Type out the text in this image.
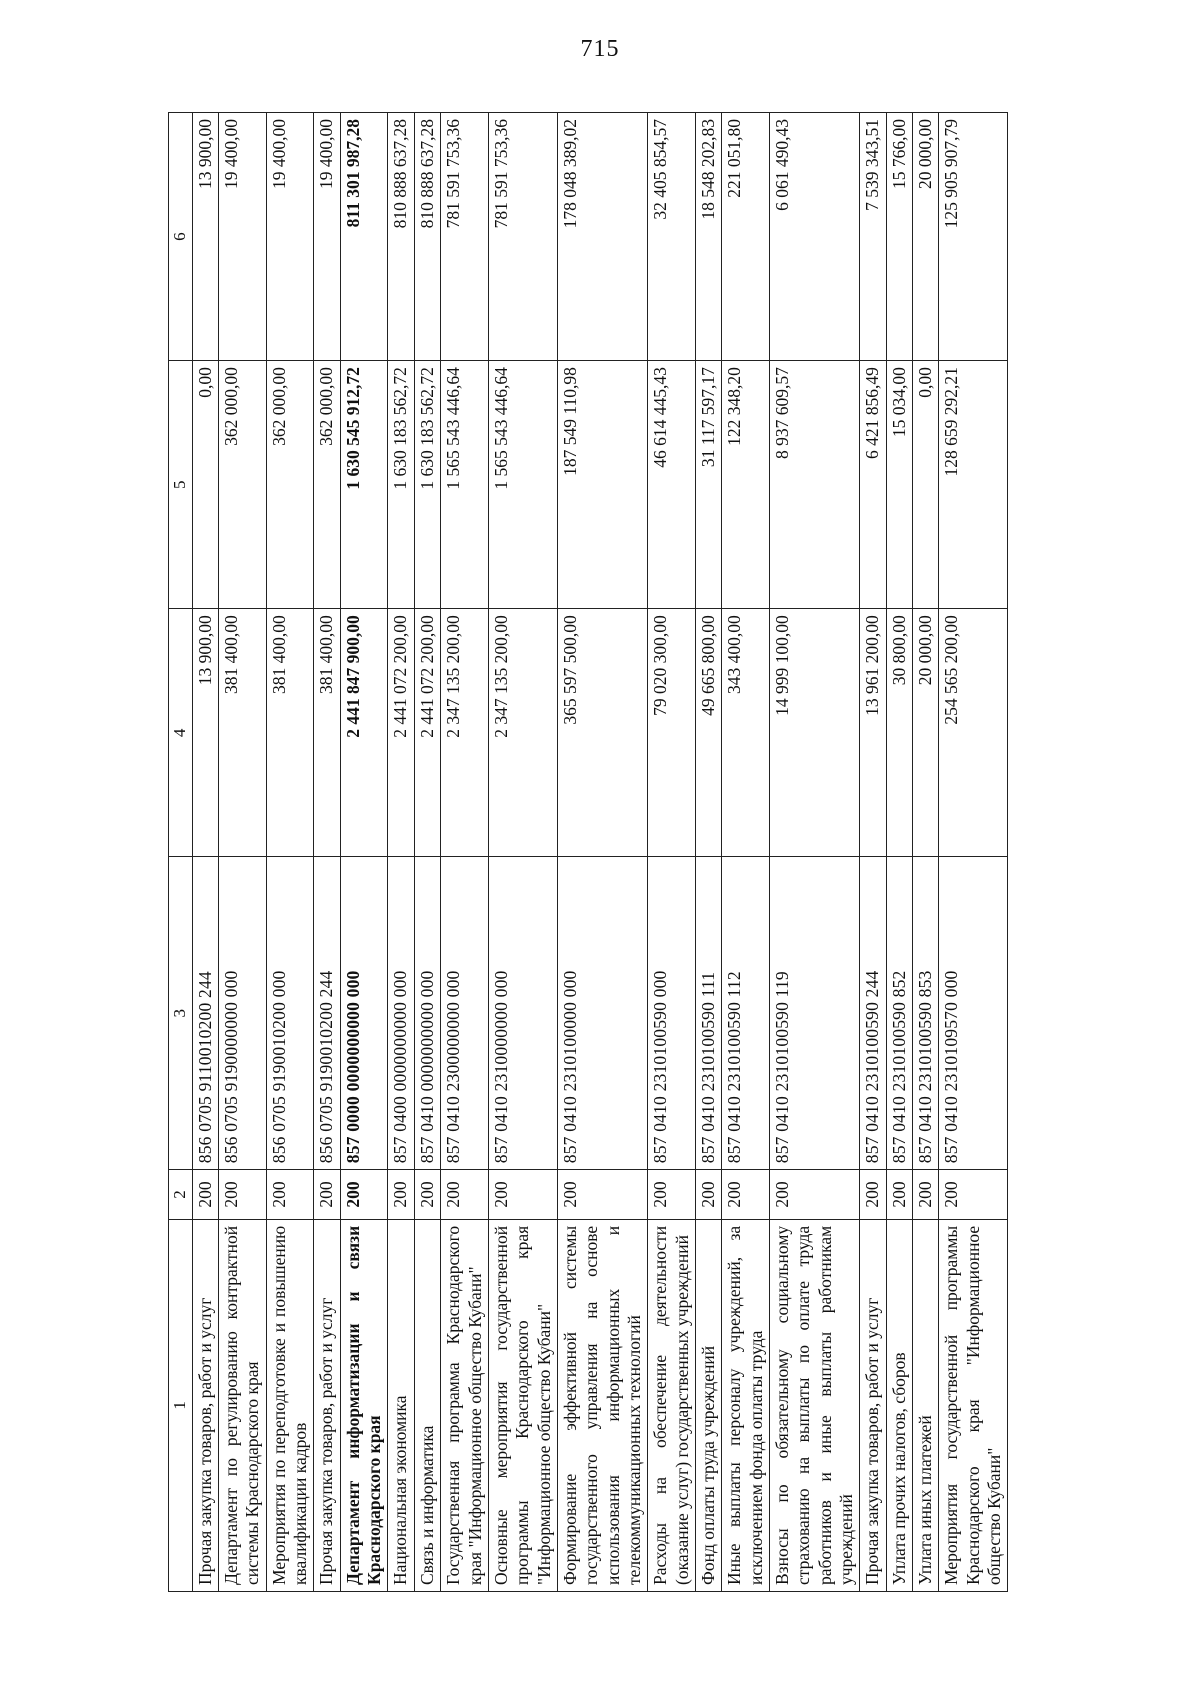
715
1	2	3	4	5	6
Прочая закупка товаров, работ и услуг	200	856 0705 9110010200 244	13 900,00	0,00	13 900,00
Департамент по регулированию контрактной системы Краснодарского края	200	856 0705 9190000000 000	381 400,00	362 000,00	19 400,00
Мероприятия по переподготовке и повышению квалификации кадров	200	856 0705 9190010200 000	381 400,00	362 000,00	19 400,00
Прочая закупка товаров, работ и услуг	200	856 0705 9190010200 244	381 400,00	362 000,00	19 400,00
Департамент информатизации и связи Краснодарского края	200	857 0000 0000000000 000	2 441 847 900,00	1 630 545 912,72	811 301 987,28
Национальная экономика	200	857 0400 0000000000 000	2 441 072 200,00	1 630 183 562,72	810 888 637,28
Связь и информатика	200	857 0410 0000000000 000	2 441 072 200,00	1 630 183 562,72	810 888 637,28
Государственная программа Краснодарского края "Информационное общество Кубани"	200	857 0410 2300000000 000	2 347 135 200,00	1 565 543 446,64	781 591 753,36
Основные мероприятия государственной программы Краснодарского края "Информационное общество Кубани"	200	857 0410 2310000000 000	2 347 135 200,00	1 565 543 446,64	781 591 753,36
Формирование эффективной системы государственного управления на основе использования информационных и телекоммуникационных технологий	200	857 0410 2310100000 000	365 597 500,00	187 549 110,98	178 048 389,02
Расходы на обеспечение деятельности (оказание услуг) государственных учреждений	200	857 0410 2310100590 000	79 020 300,00	46 614 445,43	32 405 854,57
Фонд оплаты труда учреждений	200	857 0410 2310100590 111	49 665 800,00	31 117 597,17	18 548 202,83
Иные выплаты персоналу учреждений, за исключением фонда оплаты труда	200	857 0410 2310100590 112	343 400,00	122 348,20	221 051,80
Взносы по обязательному социальному страхованию на выплаты по оплате труда работников и иные выплаты работникам учреждений	200	857 0410 2310100590 119	14 999 100,00	8 937 609,57	6 061 490,43
Прочая закупка товаров, работ и услуг	200	857 0410 2310100590 244	13 961 200,00	6 421 856,49	7 539 343,51
Уплата прочих налогов, сборов	200	857 0410 2310100590 852	30 800,00	15 034,00	15 766,00
Уплата иных платежей	200	857 0410 2310100590 853	20 000,00	0,00	20 000,00
Мероприятия государственной программы Краснодарского края "Информационное общество Кубани"	200	857 0410 2310109570 000	254 565 200,00	128 659 292,21	125 905 907,79
